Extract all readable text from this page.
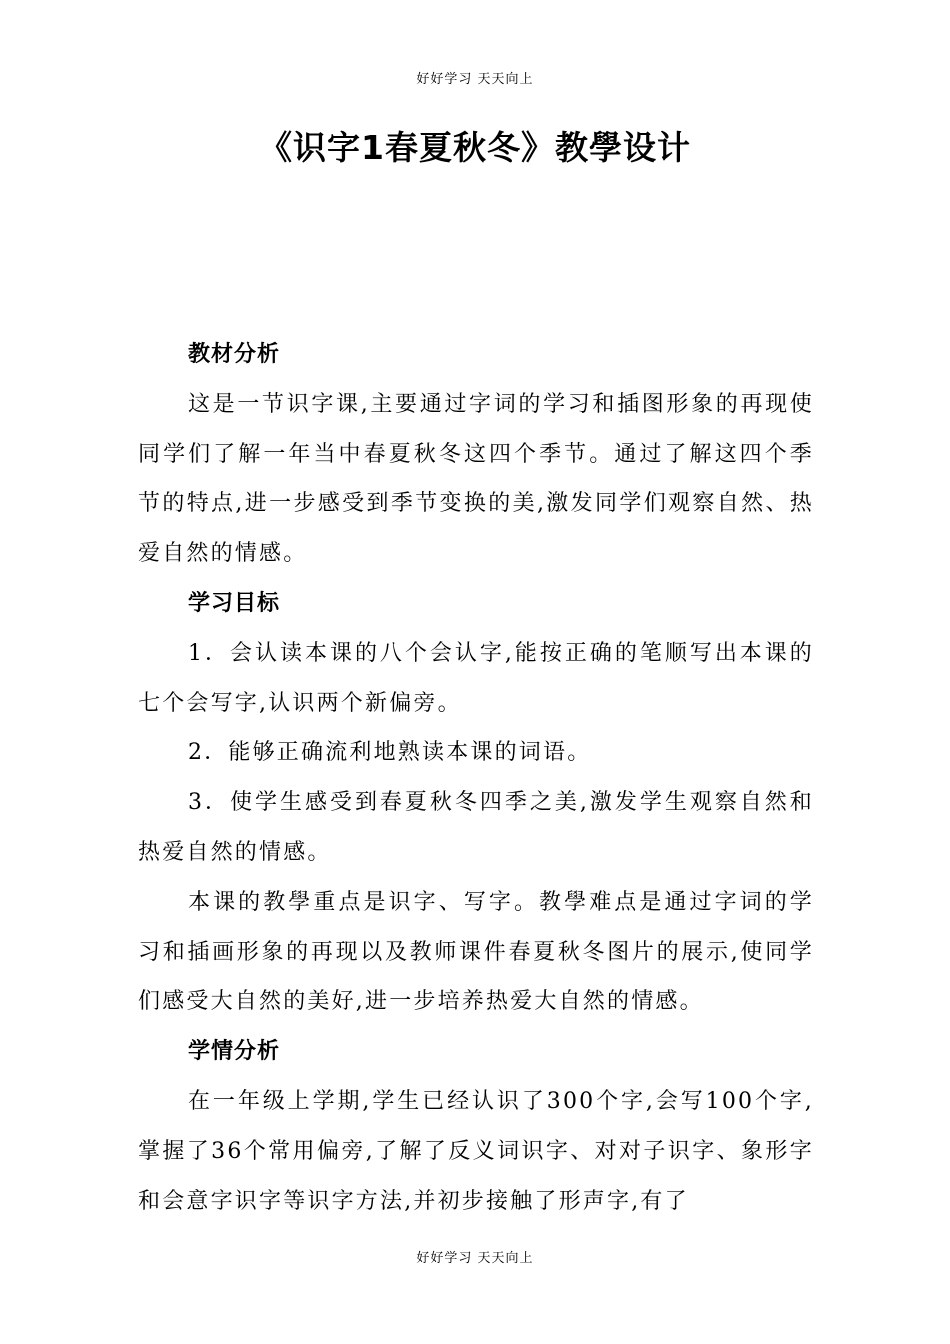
好好学习 天天向上
《识字1春夏秋冬》教學设计
教材分析
这是一节识字课,主要通过字词的学习和插图形象的再现使同学们了解一年当中春夏秋冬这四个季节。通过了解这四个季节的特点,进一步感受到季节变换的美,激发同学们观察自然、热爱自然的情感。
学习目标
1．会认读本课的八个会认字,能按正确的笔顺写出本课的七个会写字,认识两个新偏旁。
2．能够正确流利地熟读本课的词语。
3．使学生感受到春夏秋冬四季之美,激发学生观察自然和热爱自然的情感。
本课的教學重点是识字、写字。教學难点是通过字词的学习和插画形象的再现以及教师课件春夏秋冬图片的展示,使同学们感受大自然的美好,进一步培养热爱大自然的情感。
学情分析
在一年级上学期,学生已经认识了300个字,会写100个字,掌握了36个常用偏旁,了解了反义词识字、对对子识字、象形字和会意字识字等识字方法,并初步接触了形声字,有了
好好学习 天天向上
